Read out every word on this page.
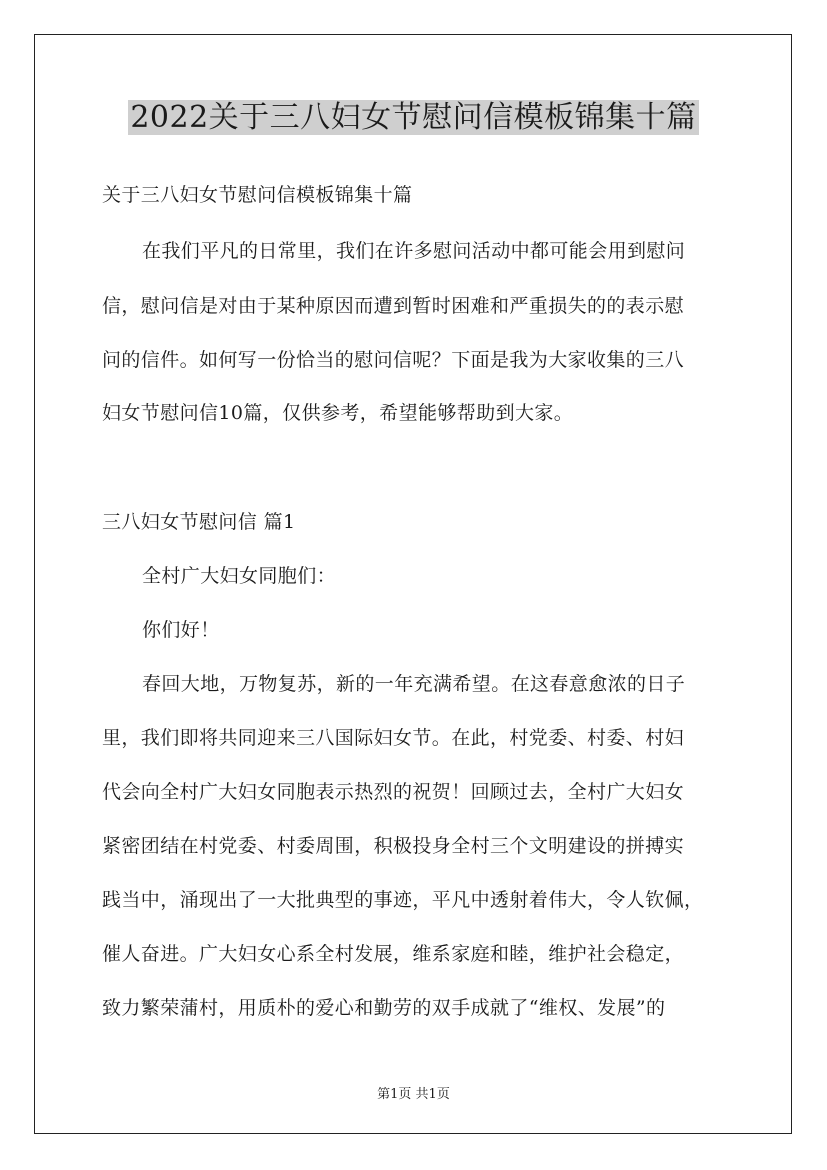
2022关于三八妇女节慰问信模板锦集十篇
关于三八妇女节慰问信模板锦集十篇
在我们平凡的日常里，我们在许多慰问活动中都可能会用到慰问
信，慰问信是对由于某种原因而遭到暂时困难和严重损失的的表示慰
问的信件。如何写一份恰当的慰问信呢？下面是我为大家收集的三八
妇女节慰问信10篇，仅供参考，希望能够帮助到大家。
三八妇女节慰问信 篇1
全村广大妇女同胞们：
你们好！
春回大地，万物复苏，新的一年充满希望。在这春意愈浓的日子
里，我们即将共同迎来三八国际妇女节。在此，村党委、村委、村妇
代会向全村广大妇女同胞表示热烈的祝贺！回顾过去，全村广大妇女
紧密团结在村党委、村委周围，积极投身全村三个文明建设的拼搏实
践当中，涌现出了一大批典型的事迹，平凡中透射着伟大，令人钦佩，
催人奋进。广大妇女心系全村发展，维系家庭和睦，维护社会稳定，
致力繁荣蒲村，用质朴的爱心和勤劳的双手成就了“维权、发展”的
第1页 共1页
